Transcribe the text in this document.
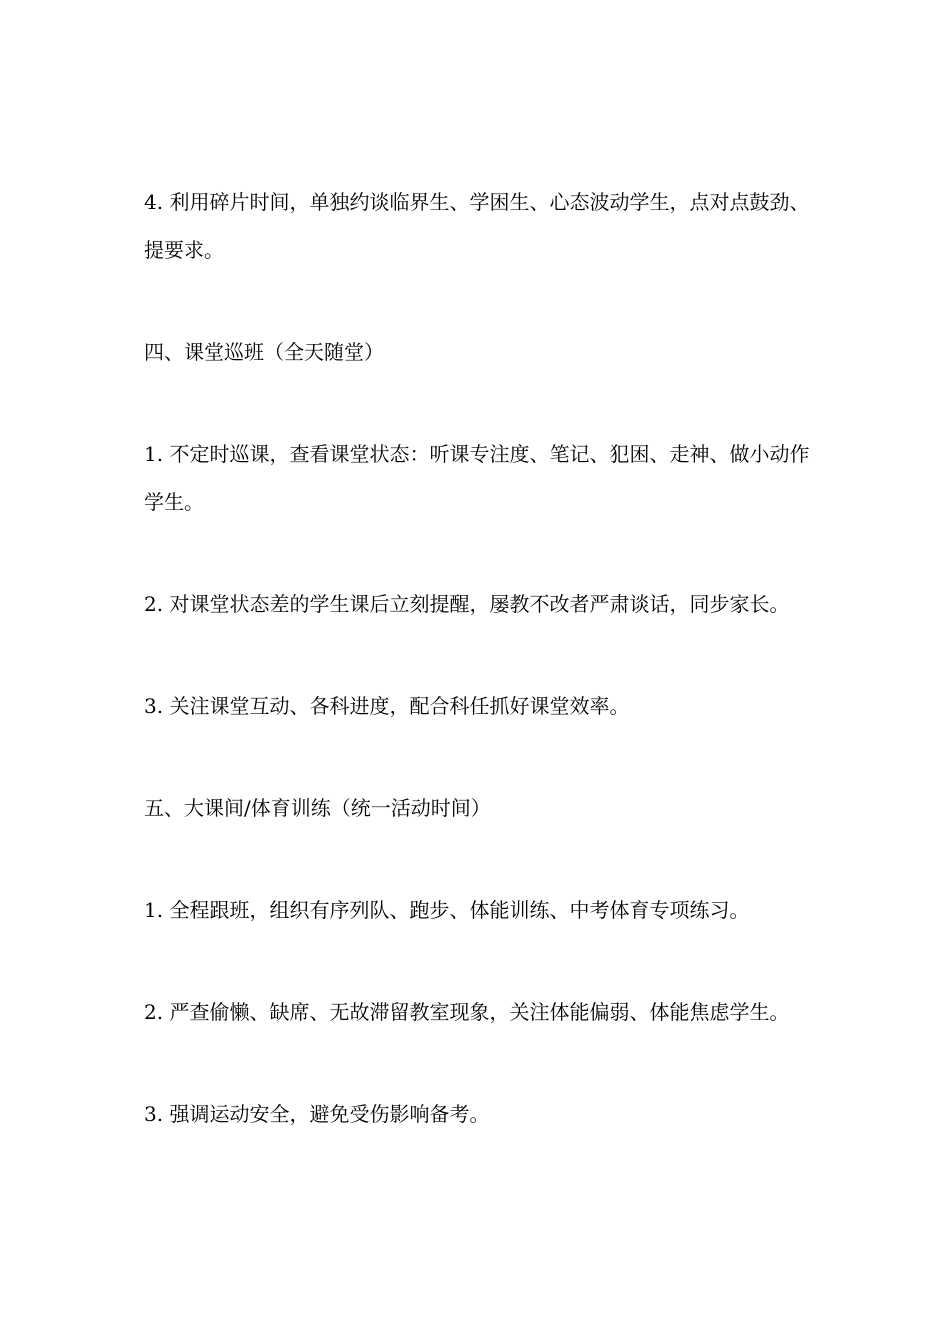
4. 利用碎片时间，单独约谈临界生、学困生、心态波动学生，点对点鼓劲、提要求。

四、课堂巡班（全天随堂）

1. 不定时巡课，查看课堂状态：听课专注度、笔记、犯困、走神、做小动作学生。

2. 对课堂状态差的学生课后立刻提醒，屡教不改者严肃谈话，同步家长。

3. 关注课堂互动、各科进度，配合科任抓好课堂效率。

五、大课间/体育训练（统一活动时间）

1. 全程跟班，组织有序列队、跑步、体能训练、中考体育专项练习。

2. 严查偷懒、缺席、无故滞留教室现象，关注体能偏弱、体能焦虑学生。

3. 强调运动安全，避免受伤影响备考。
